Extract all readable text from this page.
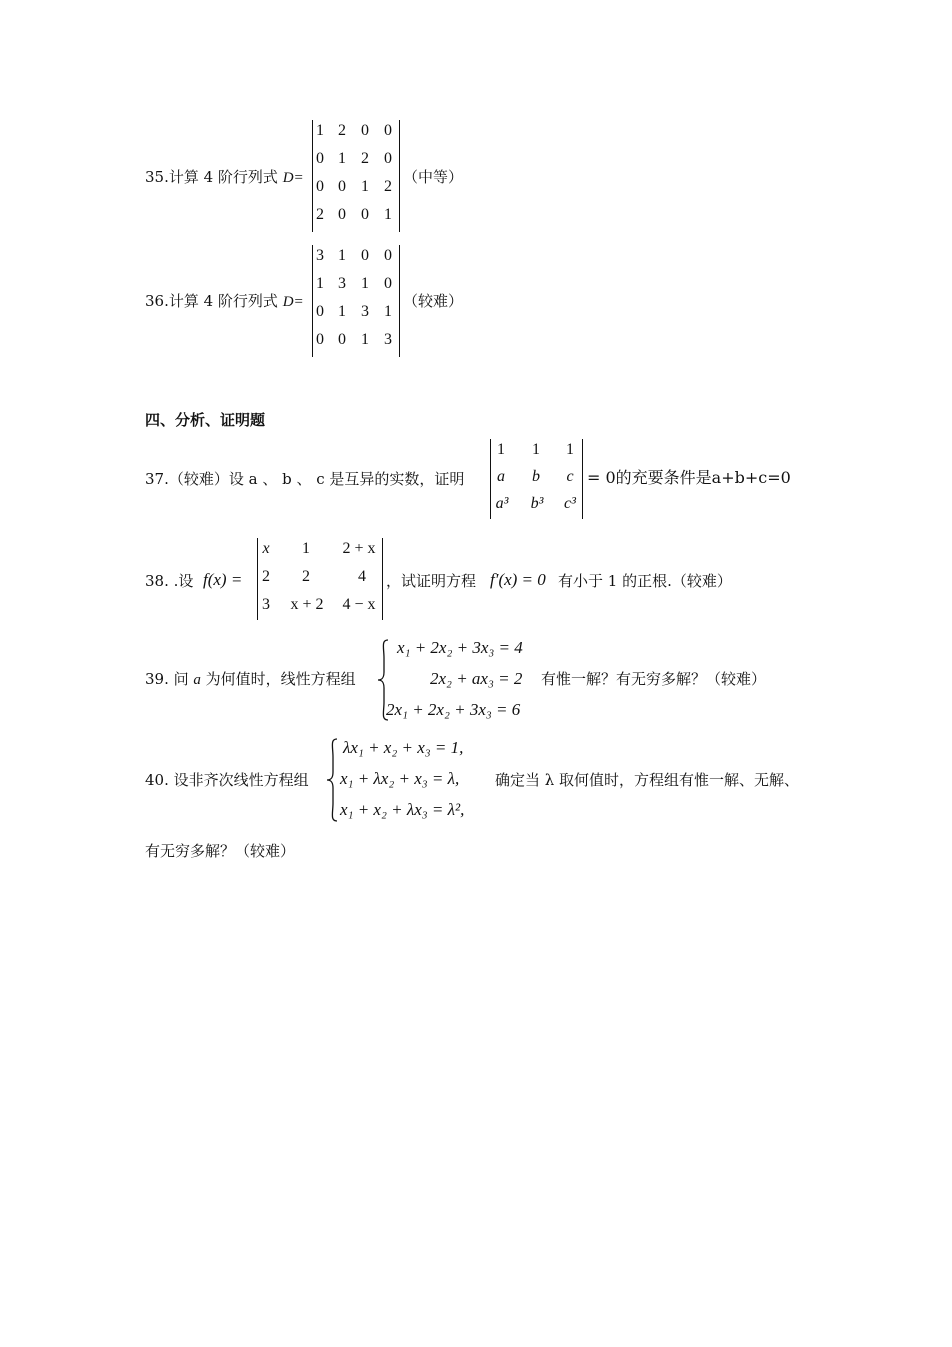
35.计算 4 阶行列式 D=
1 2 0 0
0 1 2 0
0 0 1 2
2 0 0 1
（中等）
36.计算 4 阶行列式 D=
3 1 0 0
1 3 1 0
0 1 3 1
0 0 1 3
（较难）
四、分析、证明题
37.（较难）设 a 、 b 、 c 是互异的实数，证明
1 1 1
a b c
a³ b³ c³
= 0的充要条件是a+b+c=0
38. .设 f(x) =
x	1	2 + x
2	2	4
3	x + 2	4 − x
，试证明方程 f′(x) = 0 有小于 1 的正根.（较难）
39. 问 a 为何值时，线性方程组
x₁ + 2x₂ + 3x₃ = 4
2x₂ + ax₃ = 2
2x₁ + 2x₂ + 3x₃ = 6
有惟一解？有无穷多解？（较难）
40. 设非齐次线性方程组
λx₁ + x₂ + x₃ = 1,
x₁ + λx₂ + x₃ = λ,
x₁ + x₂ + λx₃ = λ²,
确定当 λ 取何值时，方程组有惟一解、无解、
有无穷多解？（较难）
